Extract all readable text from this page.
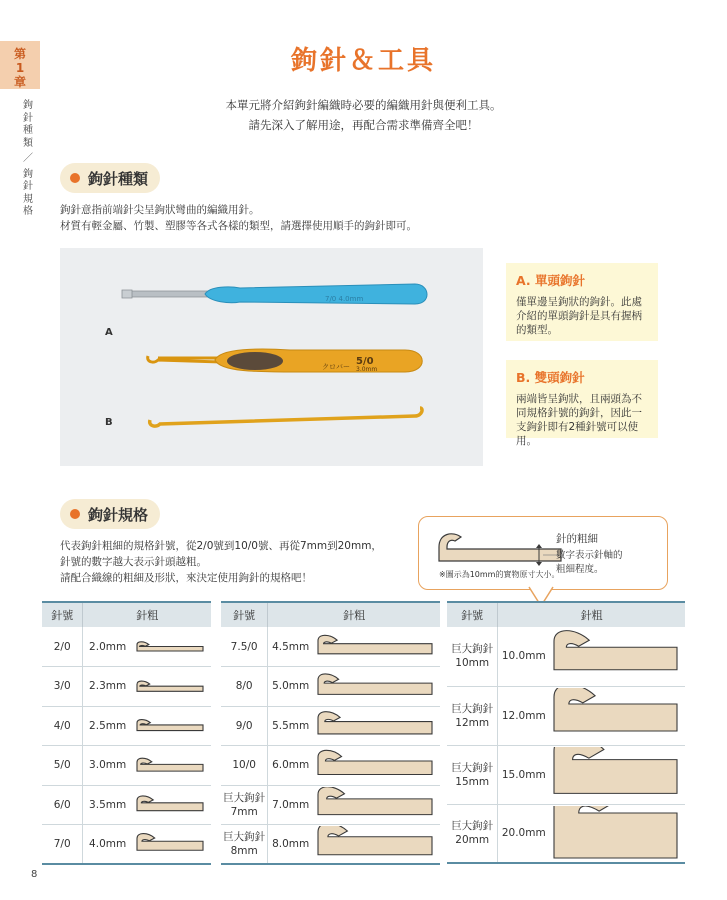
第
1
章
鉤針種類
／
鉤針規格
8
鉤針＆工具
本單元將介紹鉤針編織時必要的編織用針與便利工具。
請先深入了解用途，再配合需求準備齊全吧！
鉤針種類
鉤針意指前端針尖呈鉤狀彎曲的編織用針。
材質有輕金屬、竹製、塑膠等各式各樣的類型，請選擇使用順手的鉤針即可。
7/0 4.0mm
クロバー 5/0
3.0mm
A
B
A. 單頭鉤針
僅單邊呈鉤狀的鉤針。此處介紹的單頭鉤針是具有握柄的類型。
B. 雙頭鉤針
兩端皆呈鉤狀，且兩頭為不同規格針號的鉤針，因此一支鉤針即有2種針號可以使用。
鉤針規格
代表鉤針粗細的規格針號，從2/0號到10/0號、再從7mm到20mm，
針號的數字越大表示針頭越粗。
請配合織線的粗細及形狀，來決定使用鉤針的規格吧！
針的粗細
數字表示針軸的
粗細程度。
※圖示為10mm的實物原寸大小。
針號	針粗	
2/0	2.0mm	

3/0	2.3mm	

4/0	2.5mm	

5/0	3.0mm	

6/0	3.5mm	

7/0	4.0mm	
針號	針粗	
7.5/0	4.5mm	

8/0	5.0mm	

9/0	5.5mm	

10/0	6.0mm	

巨大鉤針
7mm	7.0mm	

巨大鉤針
8mm	8.0mm	
針號	針粗	
巨大鉤針
10mm	10.0mm	

巨大鉤針
12mm	12.0mm	

巨大鉤針
15mm	15.0mm	

巨大鉤針
20mm	20.0mm	
